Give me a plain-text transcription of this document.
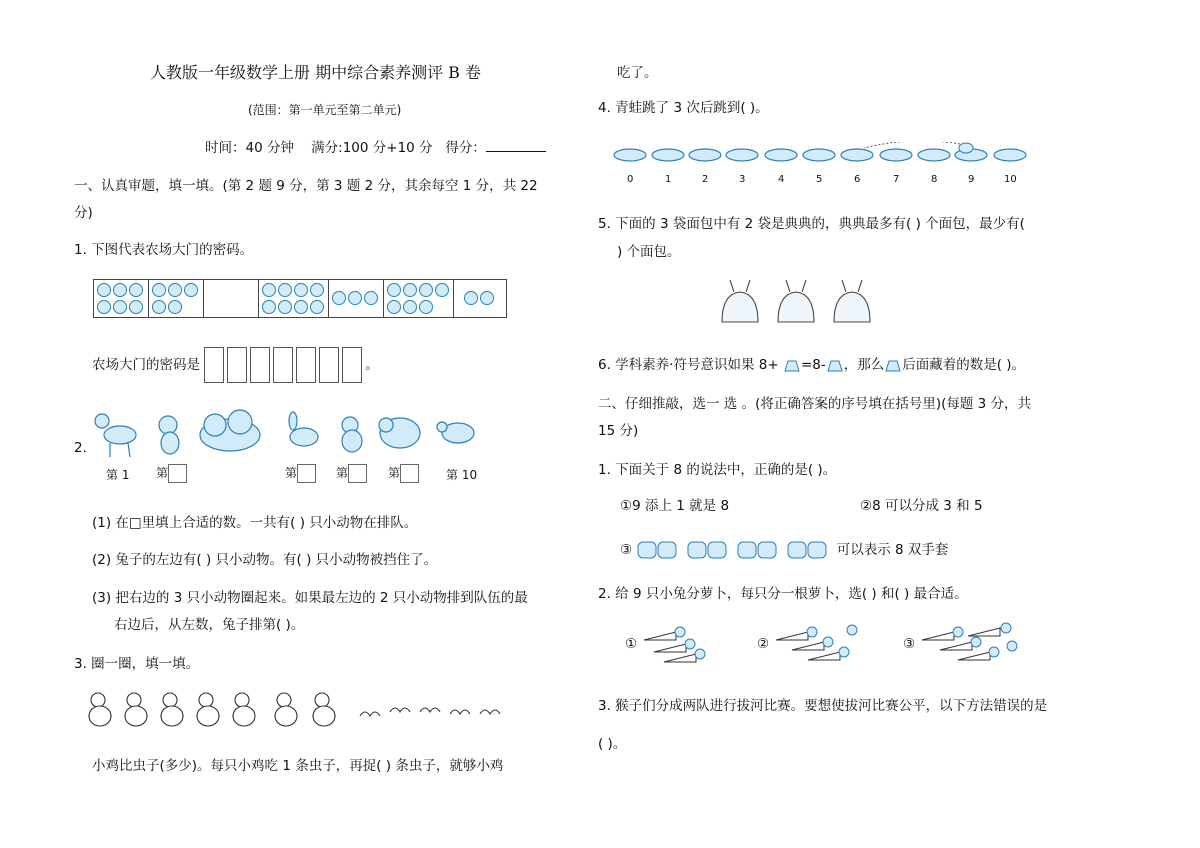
人教版一年级数学上册 期中综合素养测评 B 卷
(范围：第一单元至第二单元)
时间：40 分钟 满分:100 分+10 分 得分：
一、认真审题，填一填。(第 2 题 9 分，第 3 题 2 分，其余每空 1 分，共 22
分)
1. 下图代表农场大门的密码。
农场大门的密码是	。
2.
第 1 第	第	第	第	第 10
(1) 在□里填上合适的数。一共有( ) 只小动物在排队。
(2) 兔子的左边有( ) 只小动物。有( ) 只小动物被挡住了。
(3) 把右边的 3 只小动物圈起来。如果最左边的 2 只小动物排到队伍的最
右边后，从左数，兔子排第( )。
3. 圈一圈，填一填。
小鸡比虫子(多少)。每只小鸡吃 1 条虫子，再捉( ) 条虫子，就够小鸡
吃了。
4. 青蛙跳了 3 次后跳到( )。
0	1	2	3	4	5	6	7	8	9	10
5. 下面的 3 袋面包中有 2 袋是典典的，典典最多有( ) 个面包，最少有(
) 个面包。
6. 学科素养·符号意识如果 8+ =8- ，那么 后面藏着的数是( )。
二、仔细推敲，选一 选 。(将正确答案的序号填在括号里)(每题 3 分，共
15 分)
1. 下面关于 8 的说法中，正确的是( )。
①9 添上 1 就是 8	②8 可以分成 3 和 5
③	可以表示 8 双手套
2. 给 9 只小兔分萝卜，每只分一根萝卜，选( ) 和( ) 最合适。
①	②	③
3. 猴子们分成两队进行拔河比赛。要想使拔河比赛公平，以下方法错误的是
( )。
